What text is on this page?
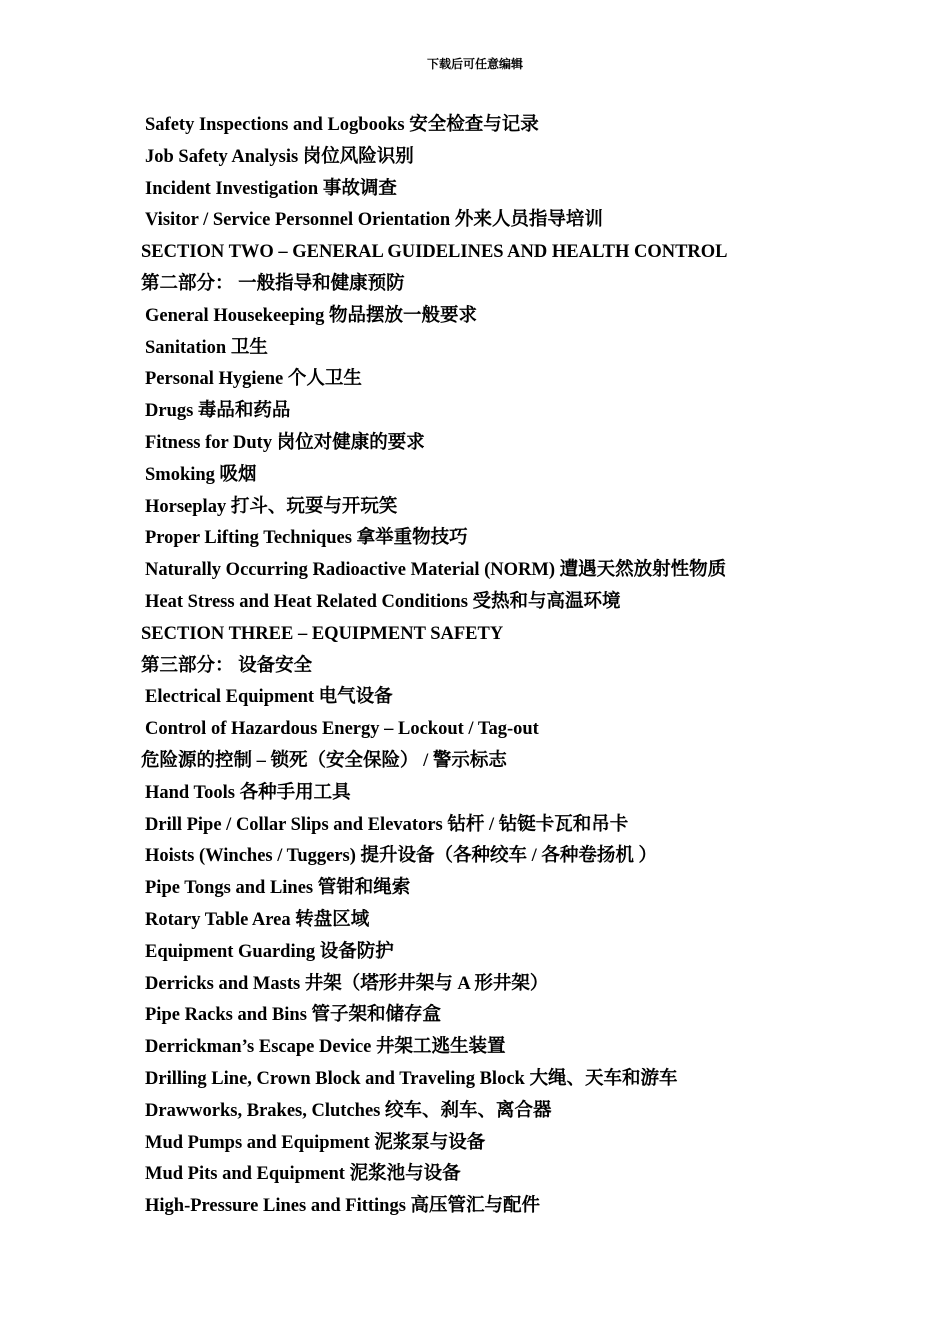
下载后可任意编辑
Safety Inspections and Logbooks 安全检查与记录
Job Safety Analysis 岗位风险识别
Incident Investigation 事故调查
Visitor / Service Personnel Orientation 外来人员指导培训
SECTION TWO – GENERAL GUIDELINES AND HEALTH CONTROL
第二部分： 一般指导和健康预防
General Housekeeping 物品摆放一般要求
Sanitation 卫生
Personal Hygiene 个人卫生
Drugs 毒品和药品
Fitness for Duty 岗位对健康的要求
Smoking 吸烟
Horseplay 打斗、玩耍与开玩笑
Proper Lifting Techniques 拿举重物技巧
Naturally Occurring Radioactive Material (NORM) 遭遇天然放射性物质
Heat Stress and Heat Related Conditions 受热和与高温环境
SECTION THREE – EQUIPMENT SAFETY
第三部分： 设备安全
Electrical Equipment 电气设备
Control of Hazardous Energy – Lockout / Tag-out
危险源的控制 – 锁死（安全保险） / 警示标志
Hand Tools 各种手用工具
Drill Pipe / Collar Slips and Elevators 钻杆 / 钻铤卡瓦和吊卡
Hoists (Winches / Tuggers) 提升设备（各种绞车 / 各种卷扬机 ）
Pipe Tongs and Lines 管钳和绳索
Rotary Table Area 转盘区域
Equipment Guarding 设备防护
Derricks and Masts 井架（塔形井架与 A 形井架）
Pipe Racks and Bins 管子架和储存盒
Derrickman’s Escape Device 井架工逃生装置
Drilling Line, Crown Block and Traveling Block 大绳、天车和游车
Drawworks, Brakes, Clutches 绞车、刹车、离合器
Mud Pumps and Equipment 泥浆泵与设备
Mud Pits and Equipment 泥浆池与设备
High-Pressure Lines and Fittings 高压管汇与配件
